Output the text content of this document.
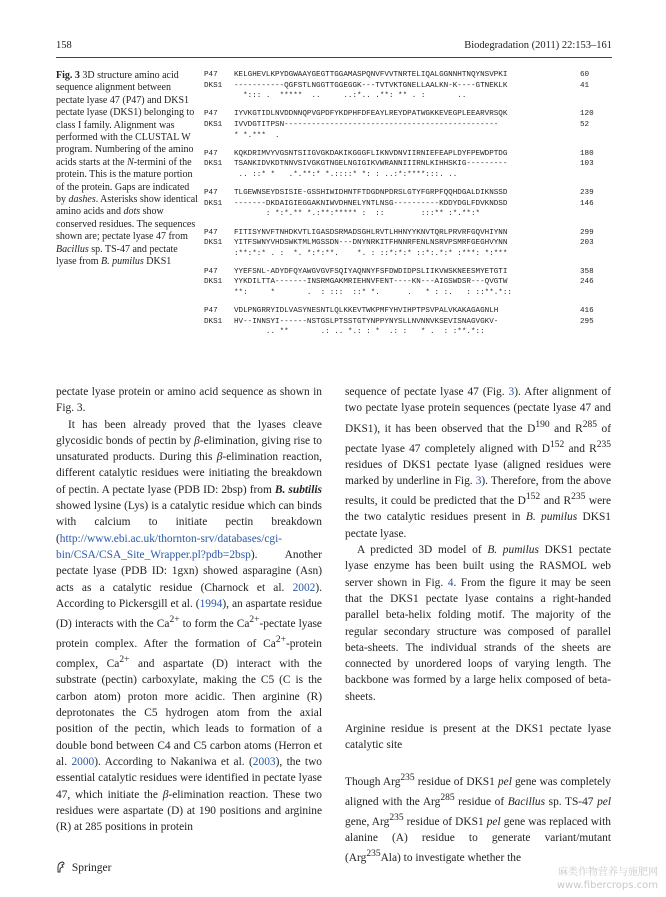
158	Biodegradation (2011) 22:153–161
Fig. 3 3D structure amino acid sequence alignment between pectate lyase 47 (P47) and DKS1 pectate lyase (DKS1) belonging to class I family. Alignment was performed with the CLUSTAL W program. Numbering of the amino acids starts at the N-termini of the protein. This is the mature portion of the protein. Gaps are indicated by dashes. Asterisks show identical amino acids and dots show conserved residues. The sequences shown are; pectate lyase 47 from Bacillus sp. TS-47 and pectate lyase from B. pumilus DKS1
P47 KELGHEVLKPYDGWAAYGEGTTGGAMASPQNVFVVTNRTELIQALGGNNHTNQYNSVPKI	60
DKS1 -----------QGFSTLNGGTTGGEGGK---TVTVKTGNELLAALKN-K----GTNEKLK	41
*::: .  *****  ..     ..:*.. .**: ** . :       ..
P47 IYVKGTIDLNVDDNNQPVGPDFYKDPHFDFEAYLREYDPATWGKKEVEGPLEEARVRSQK	120
DKS1 IVVDGTITPSN-----------------------------------------------	52
* *.***  .
P47 KQKDRIMVYVGSNTSIIGVGKDAKIKGGGFLIKNVDNVIIRNIEFEAPLDYFPEWDPTDG	180
DKS1 TSANKIDVKDTNNVSIVGKGTNGELNGIGIKVWRANNIIIRNLKIHHSKIG---------	103
.. ::* *   .*.**:* *.::::* *: : ..:*:****:::. ..
P47 TLGEWNSEYDSISIE-GSSHIWIDHNTFTDGDNPDRSLGTYFGRPFQQHDGALDIKNSSD	239
DKS1 -------DKDAIGIEGGAKNIWVDHNELYNTLNSG----------KDDYDGLFDVKNDSD	146
: *:*.** *.:**:***** :  ::        :::** :*.**:*
P47 FITISYNVFTNHDKVTLIGASDSRMADSGHLRVTLHHNYYKNVTQRLPRVRFGQVHIYNN	299
DKS1 YITFSWNYVHDSWKTMLMGSSDN---DNYNRKITFHNNRFENLNSRVPSMRFGEGHVYNN	203
:**:*:* . :  *. *:*:**.    *. : ::*:*:* ::*:.*:* :***: *:***
P47 YYEFSNL-ADYDFQYAWGVGVFSQIYAQNNYFSFDWDIDPSLIIKVWSKNEESMYETGTI	358
DKS1 YYKDILTTA-------INSRMGAKMRIEHNVFENT----KN---AIGSWDSR---QVGTW	246
**:     *       .  : :::  ::* *.      .   * : :.   : ::**.*::
P47 VDLPNGRRYIDLVASYNESNTLQLKKEVTWKPMFYHVIHPTPSVPALVKAKAGAGNLH	416
DKS1 HV--INNSYI------NSTGSLPTSSTGTYNPPYNYSLLNVNNVKSEVISNAGVGKV-	295
.. **       .: .. *.: : *  .: :   * .  : :**.*::

pectate lyase protein or amino acid sequence as shown in Fig. 3.

It has been already proved that the lyases cleave glycosidic bonds of pectin by β-elimination, giving rise to unsaturated products. During this β-elimination reaction, different catalytic residues were initiating the breakdown of pectin. A pectate lyase (PDB ID: 2bsp) from B. subtilis showed lysine (Lys) is a catalytic residue which can binds with calcium to initiate pectin breakdown (http://www.ebi.ac.uk/thornton-srv/databases/cgi-bin/CSA/CSA_Site_Wrapper.pl?pdb=2bsp). Another pectate lyase (PDB ID: 1gxn) showed asparagine (Asn) acts as a catalytic residue (Charnock et al. 2002). According to Pickersgill et al. (1994), an aspartate residue (D) interacts with the $Ca^{2+}$ to form the $Ca^{2+}$-pectate lyase protein complex. After the formation of $Ca^{2+}$-protein complex, $Ca^{2+}$ and aspartate (D) interact with the substrate (pectin) carboxylate, making the C5 (C is the carbon atom) proton more acidic. Then arginine (R) deprotonates the C5 hydrogen atom from the axial position of the pectin, which leads to formation of a double bond between C4 and C5 carbon atoms (Herron et al. 2000). According to Nakaniwa et al. (2003), the two essential catalytic residues were identified in pectate lyase 47, which initiate the β-elimination reaction. These two residues were aspartate (D) at 190 positions and arginine (R) at 285 positions in protein

sequence of pectate lyase 47 (Fig. 3). After alignment of two pectate lyase protein sequences (pectate lyase 47 and DKS1), it has been observed that the $D^{190}$ and $R^{285}$ of pectate lyase 47 completely aligned with $D^{152}$ and $R^{235}$ residues of DKS1 pectate lyase (aligned residues were marked by underline in Fig. 3). Therefore, from the above results, it could be predicted that the $D^{152}$ and $R^{235}$ were the two catalytic residues present in B. pumilus DKS1 pectate lyase.

A predicted 3D model of B. pumilus DKS1 pectate lyase enzyme has been built using the RASMOL web server shown in Fig. 4. From the figure it may be seen that the DKS1 pectate lyase contains a right-handed parallel beta-helix folding motif. The majority of the regular secondary structure was composed of parallel beta-sheets. The individual strands of the sheets are connected by unordered loops of varying length. The backbone was formed by a large helix composed of beta-sheets.

Arginine residue is present at the DKS1 pectate lyase catalytic site

Though Arg$^{235}$ residue of DKS1 pel gene was completely aligned with the Arg$^{285}$ residue of Bacillus sp. TS-47 pel gene, Arg$^{235}$ residue of DKS1 pel gene was replaced with alanine (A) residue to generate variant/mutant (Arg$^{235}$Ala) to investigate whether the

Springer	麻类作物营养与施肥网
www.fibercrops.com
